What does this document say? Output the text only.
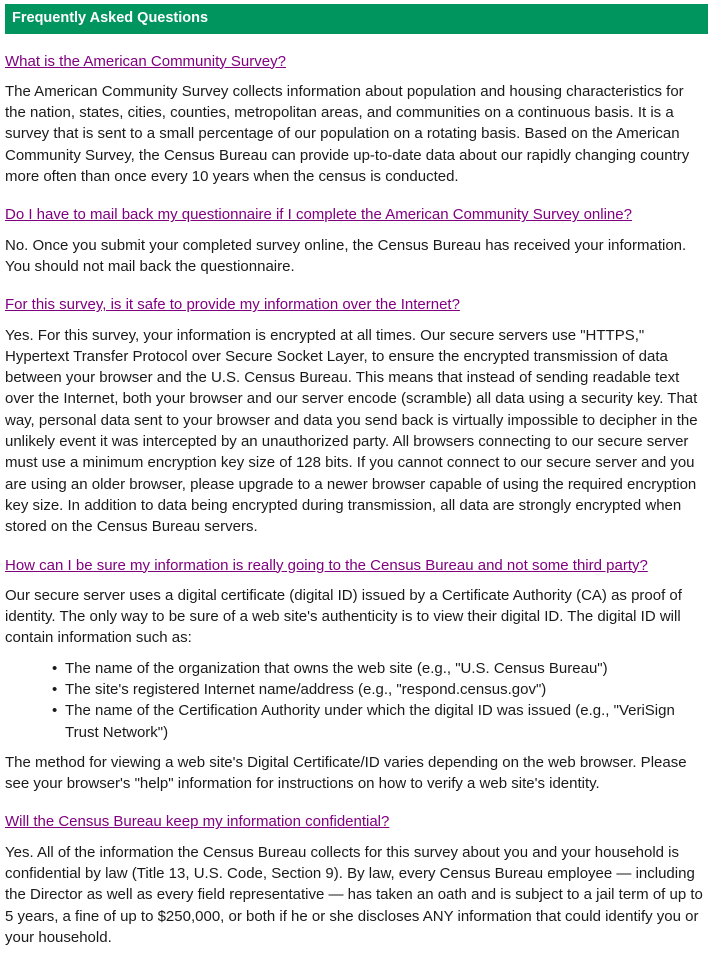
Frequently Asked Questions
What is the American Community Survey?

The American Community Survey collects information about population and housing characteristics for the nation, states, cities, counties, metropolitan areas, and communities on a continuous basis. It is a survey that is sent to a small percentage of our population on a rotating basis. Based on the American Community Survey, the Census Bureau can provide up-to-date data about our rapidly changing country more often than once every 10 years when the census is conducted.

Do I have to mail back my questionnaire if I complete the American Community Survey online?

No. Once you submit your completed survey online, the Census Bureau has received your information. You should not mail back the questionnaire.

For this survey, is it safe to provide my information over the Internet?

Yes. For this survey, your information is encrypted at all times. Our secure servers use "HTTPS," Hypertext Transfer Protocol over Secure Socket Layer, to ensure the encrypted transmission of data between your browser and the U.S. Census Bureau. This means that instead of sending readable text over the Internet, both your browser and our server encode (scramble) all data using a security key. That way, personal data sent to your browser and data you send back is virtually impossible to decipher in the unlikely event it was intercepted by an unauthorized party. All browsers connecting to our secure server must use a minimum encryption key size of 128 bits. If you cannot connect to our secure server and you are using an older browser, please upgrade to a newer browser capable of using the required encryption key size. In addition to data being encrypted during transmission, all data are strongly encrypted when stored on the Census Bureau servers.

How can I be sure my information is really going to the Census Bureau and not some third party?

Our secure server uses a digital certificate (digital ID) issued by a Certificate Authority (CA) as proof of identity. The only way to be sure of a web site's authenticity is to view their digital ID. The digital ID will contain information such as:

• The name of the organization that owns the web site (e.g., "U.S. Census Bureau")
• The site's registered Internet name/address (e.g., "respond.census.gov")
• The name of the Certification Authority under which the digital ID was issued (e.g., "VeriSign Trust Network")

The method for viewing a web site's Digital Certificate/ID varies depending on the web browser. Please see your browser's "help" information for instructions on how to verify a web site's identity.

Will the Census Bureau keep my information confidential?

Yes. All of the information the Census Bureau collects for this survey about you and your household is confidential by law (Title 13, U.S. Code, Section 9). By law, every Census Bureau employee — including the Director as well as every field representative — has taken an oath and is subject to a jail term of up to 5 years, a fine of up to $250,000, or both if he or she discloses ANY information that could identify you or your household.
